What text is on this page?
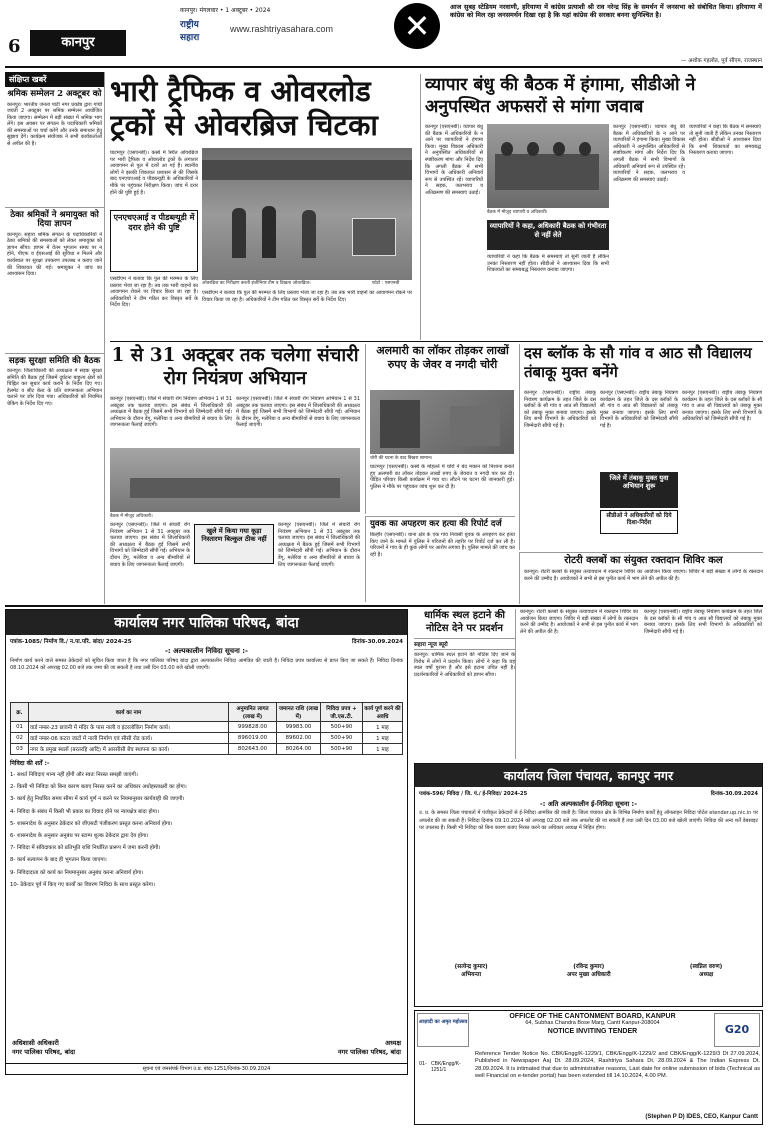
6	कानपुर
कानपुर। मंगलवार • 1 अक्टूबर • 2024
राष्ट्रीय सहारा
www.rashtriyasahara.com ✕	आज सुबह स्टेडियम नरवाणी, हरियाणा में कांग्रेस प्रत्याशी श्री राव नरेन्द्र सिंह के समर्थन में जनसभा को संबोधित किया। हरियाणा में कांग्रेस को मिल रहा जनसमर्थन दिखा रहा है कि यहां कांग्रेस की सरकार बनना सुनिश्चित है।
— अशोक गहलोत, पूर्व सीएम, राजस्थान
संक्षिप्त खबरें
श्रमिक सम्मेलन 2 अक्टूबर को
कानपुर। भारतीय जनता पार्टी नगर प्रकोष्ठ द्वारा गांधी जयंती 2 अक्टूबर पर श्रमिक सम्मेलन आयोजित किया जाएगा। सम्मेलन में बड़ी संख्या में श्रमिक भाग लेंगे। इस अवसर पर संगठन के पदाधिकारी श्रमिकों की समस्याओं पर चर्चा करेंगे और उनके समाधान हेतु सुझाव देंगे। कार्यक्रम संयोजक ने सभी कार्यकर्ताओं से अपील की है।
ठेका श्रमिकों ने श्रमायुक्त को दिया ज्ञापन
कानपुर। सहारा श्रमिक संगठन के पदाधिकारियों ने ठेका श्रमिकों की समस्याओं को लेकर श्रमायुक्त को ज्ञापन सौंपा। ज्ञापन में वेतन भुगतान समय पर न होने, पीएफ व ईएसआई की सुविधा न मिलने और कार्यस्थल पर सुरक्षा उपकरण उपलब्ध न कराए जाने की शिकायत की गई। श्रमायुक्त ने जांच का आश्वासन दिया।
सड़क सुरक्षा समिति की बैठक
कानपुर। जिलाधिकारी की अध्यक्षता में सड़क सुरक्षा समिति की बैठक हुई जिसमें दुर्घटना बाहुल्य क्षेत्रों को चिह्नित कर सुधार कार्य कराने के निर्देश दिए गए। हेलमेट व सीट बेल्ट के प्रति जागरूकता अभियान चलाने पर जोर दिया गया। अधिकारियों को नियमित चेकिंग के निर्देश दिए गए।
भारी ट्रैफिक व ओवरलोड ट्रकों से ओवरब्रिज चिटका
घाटमपुर (एसएनबी)। कस्बे में स्थित ओवरब्रिज पर भारी ट्रैफिक व ओवरलोड ट्रकों के लगातार आवागमन से पुल में दरारें आ गई हैं। स्थानीय लोगों ने इसकी शिकायत प्रशासन से की जिसके बाद एनएचएआई व पीडब्ल्यूडी के अधिकारियों ने मौके पर पहुंचकर निरीक्षण किया। जांच में दरार होने की पुष्टि हुई है।
एनएचएआई व पीडब्ल्यूडी में दरार होने की पुष्टि
एसडीएम ने बताया कि पुल की मरम्मत के लिए प्रस्ताव भेजा जा रहा है। तब तक भारी वाहनों का आवागमन रोकने पर विचार किया जा रहा है। अधिकारियों ने टीम गठित कर विस्तृत सर्वे के निर्देश दिए।
ओवरब्रिज का निरीक्षण करती इंजीनियर टीम व दिखता ओवरब्रिज।	फोटो : एसएनबी
एसडीएम ने बताया कि पुल की मरम्मत के लिए प्रस्ताव भेजा जा रहा है। तब तक भारी वाहनों का आवागमन रोकने पर विचार किया जा रहा है। अधिकारियों ने टीम गठित कर विस्तृत सर्वे के निर्देश दिए।
व्यापार बंधु की बैठक में हंगामा, सीडीओ ने अनुपस्थित अफसरों से मांगा जवाब
कानपुर (एसएनबी)। व्यापार बंधु की बैठक में अधिकारियों के न आने पर व्यापारियों ने हंगामा किया। मुख्य विकास अधिकारी ने अनुपस्थित अधिकारियों से स्पष्टीकरण मांगा और निर्देश दिए कि अगली बैठक में सभी विभागों के अधिकारी अनिवार्य रूप से उपस्थित रहें। व्यापारियों ने सड़क, जलभराव व अतिक्रमण की समस्याएं उठाईं।
बैठक में मौजूद व्यापारी व अधिकारी।
व्यापारियों ने कहा, अधिकारी बैठक को गंभीरता से नहीं लेते
व्यापारियों ने कहा कि बैठक में समस्याएं तो सुनी जाती हैं लेकिन उनका निस्तारण नहीं होता। सीडीओ ने आश्वासन दिया कि सभी शिकायतों का समयबद्ध निस्तारण कराया जाएगा।
कानपुर (एसएनबी)। व्यापार बंधु की बैठक में अधिकारियों के न आने पर व्यापारियों ने हंगामा किया। मुख्य विकास अधिकारी ने अनुपस्थित अधिकारियों से स्पष्टीकरण मांगा और निर्देश दिए कि अगली बैठक में सभी विभागों के अधिकारी अनिवार्य रूप से उपस्थित रहें। व्यापारियों ने सड़क, जलभराव व अतिक्रमण की समस्याएं उठाईं।
व्यापारियों ने कहा कि बैठक में समस्याएं तो सुनी जाती हैं लेकिन उनका निस्तारण नहीं होता। सीडीओ ने आश्वासन दिया कि सभी शिकायतों का समयबद्ध निस्तारण कराया जाएगा।
1 से 31 अक्टूबर तक चलेगा संचारी रोग नियंत्रण अभियान
कानपुर (एसएनबी)। जिले में संचारी रोग नियंत्रण अभियान 1 से 31 अक्टूबर तक चलाया जाएगा। इस संबंध में जिलाधिकारी की अध्यक्षता में बैठक हुई जिसमें सभी विभागों को जिम्मेदारी सौंपी गई। अभियान के दौरान डेंगू, मलेरिया व अन्य बीमारियों से बचाव के लिए जागरूकता फैलाई जाएगी।
कानपुर (एसएनबी)। जिले में संचारी रोग नियंत्रण अभियान 1 से 31 अक्टूबर तक चलाया जाएगा। इस संबंध में जिलाधिकारी की अध्यक्षता में बैठक हुई जिसमें सभी विभागों को जिम्मेदारी सौंपी गई। अभियान के दौरान डेंगू, मलेरिया व अन्य बीमारियों से बचाव के लिए जागरूकता फैलाई जाएगी।
बैठक में मौजूद अधिकारी।
कानपुर (एसएनबी)। जिले में संचारी रोग नियंत्रण अभियान 1 से 31 अक्टूबर तक चलाया जाएगा। इस संबंध में जिलाधिकारी की अध्यक्षता में बैठक हुई जिसमें सभी विभागों को जिम्मेदारी सौंपी गई। अभियान के दौरान डेंगू, मलेरिया व अन्य बीमारियों से बचाव के लिए जागरूकता फैलाई जाएगी।
खुले में किया गया कूड़ा निस्तारण बिल्कुल ठीक नहीं
कानपुर (एसएनबी)। जिले में संचारी रोग नियंत्रण अभियान 1 से 31 अक्टूबर तक चलाया जाएगा। इस संबंध में जिलाधिकारी की अध्यक्षता में बैठक हुई जिसमें सभी विभागों को जिम्मेदारी सौंपी गई। अभियान के दौरान डेंगू, मलेरिया व अन्य बीमारियों से बचाव के लिए जागरूकता फैलाई जाएगी।
अलमारी का लॉकर तोड़कर लाखों रुपए के जेवर व नगदी चोरी
चोरी की घटना के बाद बिखरा सामान।
घाटमपुर (एसएनबी)। कस्बे के मोहल्ले में चोरों ने बंद मकान को निशाना बनाते हुए अलमारी का लॉकर तोड़कर लाखों रुपए के जेवरात व नगदी पार कर दी। पीड़ित परिवार किसी कार्यक्रम में गया था। लौटने पर घटना की जानकारी हुई। पुलिस ने मौके पर पहुंचकर जांच शुरू कर दी है।
युवक का अपहरण कर हत्या की रिपोर्ट दर्ज
बिल्हौर (एसएनबी)। थाना क्षेत्र के एक गांव निवासी युवक के अपहरण कर हत्या किए जाने के मामले में पुलिस ने परिजनों की तहरीर पर रिपोर्ट दर्ज कर ली है। परिजनों ने गांव के ही कुछ लोगों पर आरोप लगाया है। पुलिस मामले की जांच कर रही है।
दस ब्लॉक के सौ गांव व आठ सौ विद्यालय तंबाकू मुक्त बनेंगे
कानपुर (एसएनबी)। राष्ट्रीय तंबाकू नियंत्रण कार्यक्रम के तहत जिले के दस ब्लॉकों के सौ गांव व आठ सौ विद्यालयों को तंबाकू मुक्त बनाया जाएगा। इसके लिए सभी विभागों के अधिकारियों को जिम्मेदारी सौंपी गई है।
कानपुर (एसएनबी)। राष्ट्रीय तंबाकू नियंत्रण कार्यक्रम के तहत जिले के दस ब्लॉकों के सौ गांव व आठ सौ विद्यालयों को तंबाकू मुक्त बनाया जाएगा। इसके लिए सभी विभागों के अधिकारियों को जिम्मेदारी सौंपी गई है।
जिले में तंबाकू मुक्त युवा अभियान शुरू
सीडीओ ने अधिकारियों को दिये दिशा-निर्देश
कानपुर (एसएनबी)। राष्ट्रीय तंबाकू नियंत्रण कार्यक्रम के तहत जिले के दस ब्लॉकों के सौ गांव व आठ सौ विद्यालयों को तंबाकू मुक्त बनाया जाएगा। इसके लिए सभी विभागों के अधिकारियों को जिम्मेदारी सौंपी गई है।
रोटरी क्लबों का संयुक्त रक्तदान शिविर कल
कानपुर। रोटरी क्लबों के संयुक्त तत्वावधान में रक्तदान शिविर का आयोजन किया जाएगा। शिविर में बड़ी संख्या में लोगों के रक्तदान करने की उम्मीद है। आयोजकों ने सभी से इस पुनीत कार्य में भाग लेने की अपील की है।
कार्यालय नगर पालिका परिषद, बांदा
पत्रांक-1085/ निर्माण वि./ न.पा.परि. बांदा/ 2024-25	दिनांक-30.09.2024
-: अल्पकालीन निविदा सूचना :-
निर्माण कार्य करने वाले समस्त ठेकेदारों को सूचित किया जाता है कि नगर पालिका परिषद बांदा द्वारा अल्पकालीन निविदा आमंत्रित की जाती है। निविदा प्रपत्र कार्यालय से प्राप्त किए जा सकते हैं। निविदा दिनांक 08.10.2024 को अपराह्न 02.00 बजे तक जमा की जा सकती है तथा उसी दिन 03.00 बजे खोली जाएगी।
क्र.	कार्य का नाम	अनुमानित लागत (लाख में)	जमानत राशि (लाख में)	निविदा प्रपत्र + जी.एस.टी.	कार्य पूर्ण करने की अवधि
01	वार्ड नम्बर-23 छावनी में मंदिर के पास नाली व इंटरलॉकिंग निर्माण कार्य।	999828.00	99983.00	500+90	1 माह
02	वार्ड नम्बर-06 कटरा जाटों में नाली निर्माण एवं सीसी रोड कार्य।	896019.00	89602.00	500+90	1 माह
03	नगर के प्रमुख स्थलों (बरतरहि आदि) में आरसीसी बेंच स्थापना का कार्य।	802643.00	80264.00	500+90	1 माह
निविदा की शर्तें :-
1- सशर्त निविदाएं मान्य नहीं होंगी और स्वतः निरस्त समझी जाएंगी।
2- किसी भी निविदा को बिना कारण बताए निरस्त करने का अधिकार अधोहस्ताक्षरी का होगा।
3- कार्य हेतु निर्धारित समय सीमा में कार्य पूर्ण न करने पर नियमानुसार कार्यवाही की जाएगी।
4- निविदा के संबंध में किसी भी प्रकार का विवाद होने पर न्यायक्षेत्र बांदा होगा।
5- शासनादेश के अनुसार ठेकेदार को जीएसटी पंजीकरण प्रस्तुत करना अनिवार्य होगा।
6- शासनादेश के अनुसार अनुबंध पर स्टाम्प शुल्क ठेकेदार द्वारा देय होगा।
7- निविदा में संविदाकार को प्रतिभूति राशि निर्धारित प्रारूप में जमा करनी होगी।
8- कार्य सत्यापन के बाद ही भुगतान किया जाएगा।
9- निविदादाता को कार्य का नियमानुसार अनुबंध करना अनिवार्य होगा।
10- ठेकेदार पूर्व में किए गए कार्यों का विवरण निविदा के साथ प्रस्तुत करेगा।
अधिशासी अधिकारी
नगर पालिका परिषद, बांदा
अध्यक्ष
नगर पालिका परिषद, बांदा
सूचना एवं जनसंपर्क विभाग उ.प्र. बांदा-1251/दिनांक-30.09.2024
कार्यालय जिला पंचायत, कानपुर नगर
पत्रांक-596/ निविदा / जि. पं./ ई-निविदा/ 2024-25	दिनांक-30.09.2024
-: अति अल्पकालीन ई-निविदा सूचना :-
उ. प्र. के समस्त जिला पंचायतों में पंजीकृत ठेकेदारों से ई-निविदा आमंत्रित की जाती है। जिला पंचायत क्षेत्र के विभिन्न निर्माण कार्यों हेतु ऑनलाइन निविदा पोर्टल etender.up.nic.in पर अपलोड की जा सकती हैं। निविदा दिनांक 09.10.2024 को अपराह्न 02.00 बजे तक अपलोड की जा सकती हैं तथा उसी दिन 03.00 बजे खोली जाएंगी। निविदा की अन्य शर्तें वेबसाइट पर उपलब्ध हैं। किसी भी निविदा को बिना कारण बताए निरस्त करने का अधिकार अध्यक्ष में निहित होगा।
(सत्येन्द्र कुमार)
अभियन्ता
(रविन्द्र कुमार)
अपर मुख्य अधिकारी
(स्वप्निल वरुण)
अध्यक्ष
धार्मिक स्थल हटाने की नोटिस देने पर प्रदर्शन
सहारा न्यूज ब्यूरो
कानपुर। धार्मिक स्थल हटाने की नोटिस दिए जाने के विरोध में लोगों ने प्रदर्शन किया। लोगों ने कहा कि यह स्थल वर्षों पुराना है और इसे हटाना उचित नहीं है। प्रदर्शनकारियों ने अधिकारियों को ज्ञापन सौंपा।
कानपुर। रोटरी क्लबों के संयुक्त तत्वावधान में रक्तदान शिविर का आयोजन किया जाएगा। शिविर में बड़ी संख्या में लोगों के रक्तदान करने की उम्मीद है। आयोजकों ने सभी से इस पुनीत कार्य में भाग लेने की अपील की है।
कानपुर (एसएनबी)। राष्ट्रीय तंबाकू नियंत्रण कार्यक्रम के तहत जिले के दस ब्लॉकों के सौ गांव व आठ सौ विद्यालयों को तंबाकू मुक्त बनाया जाएगा। इसके लिए सभी विभागों के अधिकारियों को जिम्मेदारी सौंपी गई है।
आज़ादी का अमृत महोत्सव
G20
OFFICE OF THE CANTONMENT BOARD, KANPUR
64, Subhas Chandra Bose Marg, Cantt Kanpur-208004
NOTICE INVITING TENDER
01- CBK/Engg/K-1251/1
Reference Tender Notice No. CBK/Engg/K-1229/1, CBK/Engg/K-1229/2 and CBK/Engg/K-1229/3 Dt 27.09.2024, Published in Newspaper Aaj Dt. 28.09.2024, Rashtriya Sahara Dt. 28.09.2024 & The Indian Express Dt. 28.09.2024. It is intimated that due to administrative reasons, Last date for online submission of bids (Technical as well Financial on e-tender portal) has been extended till 14.10.2024, 4.00 PM.
(Stephen P D) IDES, CEO, Kanpur Cantt
